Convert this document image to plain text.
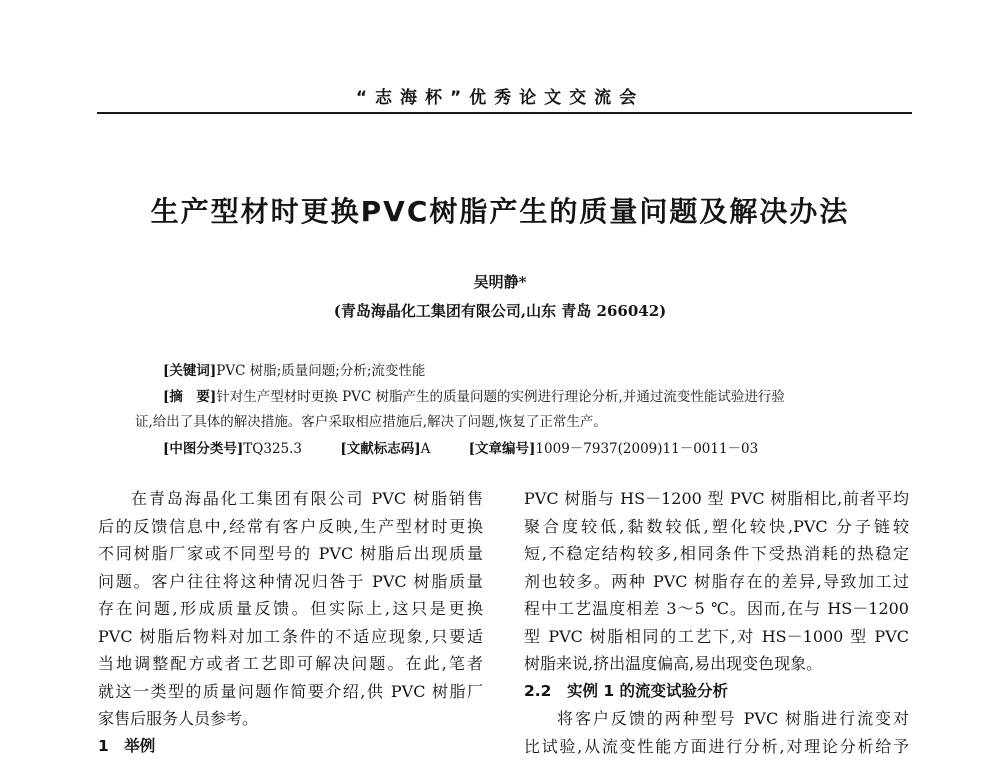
“志海杯”优秀论文交流会
生产型材时更换PVC树脂产生的质量问题及解决办法
吴明静*
(青岛海晶化工集团有限公司,山东 青岛 266042)
[关键词]PVC 树脂;质量问题;分析;流变性能
[摘　要]针对生产型材时更换 PVC 树脂产生的质量问题的实例进行理论分析,并通过流变性能试验进行验
证,给出了具体的解决措施。客户采取相应措施后,解决了问题,恢复了正常生产。
[中图分类号]TQ325.3	[文献标志码]A	[文章编号]1009－7937(2009)11－0011－03
在青岛海晶化工集团有限公司 PVC 树脂销售
后的反馈信息中,经常有客户反映,生产型材时更换
不同树脂厂家或不同型号的 PVC 树脂后出现质量
问题。客户往往将这种情况归咎于 PVC 树脂质量
存在问题,形成质量反馈。但实际上,这只是更换
PVC 树脂后物料对加工条件的不适应现象,只要适
当地调整配方或者工艺即可解决问题。在此,笔者
就这一类型的质量问题作简要介绍,供 PVC 树脂厂
家售后服务人员参考。
1　举例
PVC 树脂与 HS－1200 型 PVC 树脂相比,前者平均
聚合度较低,黏数较低,塑化较快,PVC 分子链较
短,不稳定结构较多,相同条件下受热消耗的热稳定
剂也较多。两种 PVC 树脂存在的差异,导致加工过
程中工艺温度相差 3～5 ℃。因而,在与 HS－1200
型 PVC 树脂相同的工艺下,对 HS－1000 型 PVC
树脂来说,挤出温度偏高,易出现变色现象。
2.2　实例 1 的流变试验分析
将客户反馈的两种型号 PVC 树脂进行流变对
比试验,从流变性能方面进行分析,对理论分析给予
